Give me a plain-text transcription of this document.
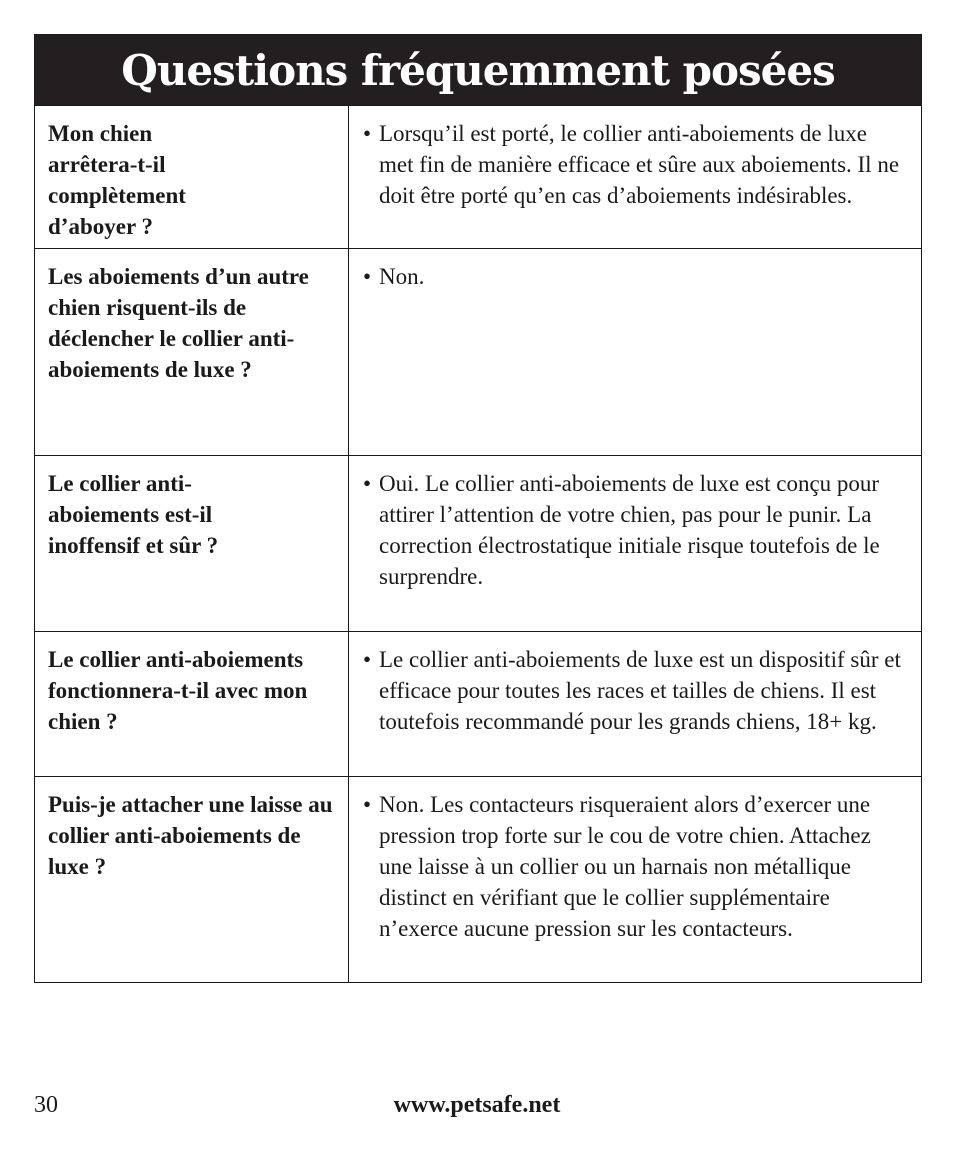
Questions fréquemment posées
Mon chien arrêtera-t-il complètement d’aboyer ?
• Lorsqu’il est porté, le collier anti-aboiements de luxe met fin de manière efficace et sûre aux aboiements. Il ne doit être porté qu’en cas d’aboiements indésirables.
Les aboiements d’un autre chien risquent-ils de déclencher le collier anti-aboiements de luxe ?
• Non.
Le collier anti-aboiements est-il inoffensif et sûr ?
• Oui. Le collier anti-aboiements de luxe est conçu pour attirer l’attention de votre chien, pas pour le punir. La correction électrostatique initiale risque toutefois de le surprendre.
Le collier anti-aboiements fonctionnera-t-il avec mon chien ?
• Le collier anti-aboiements de luxe est un dispositif sûr et efficace pour toutes les races et tailles de chiens. Il est toutefois recommandé pour les grands chiens, 18+ kg.
Puis-je attacher une laisse au collier anti-aboiements de luxe ?
• Non. Les contacteurs risqueraient alors d’exercer une pression trop forte sur le cou de votre chien. Attachez une laisse à un collier ou un harnais non métallique distinct en vérifiant que le collier supplémentaire n’exerce aucune pression sur les contacteurs.
30	www.petsafe.net
